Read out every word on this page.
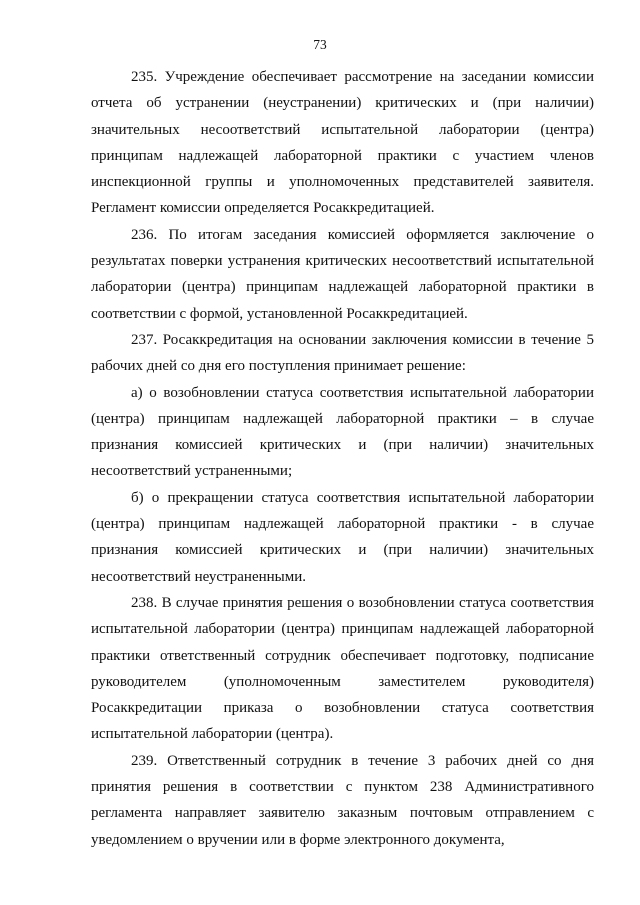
73

235. Учреждение обеспечивает рассмотрение на заседании комиссии отчета об устранении (неустранении) критических и (при наличии) значительных несоответствий испытательной лаборатории (центра) принципам надлежащей лабораторной практики с участием членов инспекционной группы и уполномоченных представителей заявителя. Регламент комиссии определяется Росаккредитацией.

236. По итогам заседания комиссией оформляется заключение о результатах поверки устранения критических несоответствий испытательной лаборатории (центра) принципам надлежащей лабораторной практики в соответствии с формой, установленной Росаккредитацией.

237. Росаккредитация на основании заключения комиссии в течение 5 рабочих дней со дня его поступления принимает решение:

а) о возобновлении статуса соответствия испытательной лаборатории (центра) принципам надлежащей лабораторной практики – в случае признания комиссией критических и (при наличии) значительных несоответствий устраненными;

б) о прекращении статуса соответствия испытательной лаборатории (центра) принципам надлежащей лабораторной практики - в случае признания комиссией критических и (при наличии) значительных несоответствий неустраненными.

238. В случае принятия решения о возобновлении статуса соответствия испытательной лаборатории (центра) принципам надлежащей лабораторной практики ответственный сотрудник обеспечивает подготовку, подписание руководителем (уполномоченным заместителем руководителя) Росаккредитации приказа о возобновлении статуса соответствия испытательной лаборатории (центра).

239. Ответственный сотрудник в течение 3 рабочих дней со дня принятия решения в соответствии с пунктом 238 Административного регламента направляет заявителю заказным почтовым отправлением с уведомлением о вручении или в форме электронного документа,
